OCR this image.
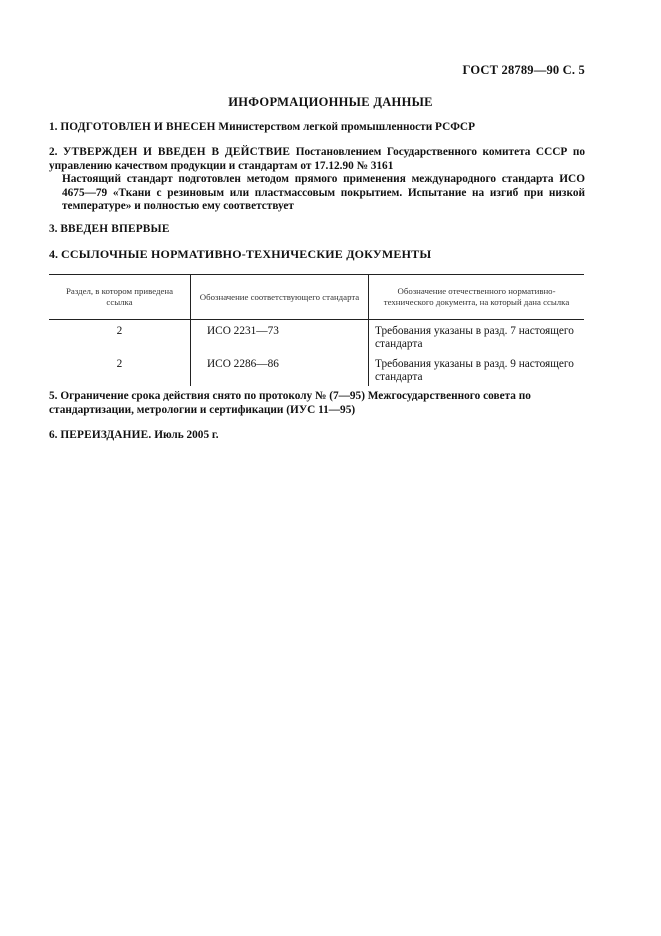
ГОСТ 28789—90 С. 5
ИНФОРМАЦИОННЫЕ ДАННЫЕ
1. ПОДГОТОВЛЕН И ВНЕСЕН Министерством легкой промышленности РСФСР
2. УТВЕРЖДЕН И ВВЕДЕН В ДЕЙСТВИЕ Постановлением Государственного комитета СССР по управлению качеством продукции и стандартам от 17.12.90 № 3161
Настоящий стандарт подготовлен методом прямого применения международного стандарта ИСО 4675—79 «Ткани с резиновым или пластмассовым покрытием. Испытание на изгиб при низкой температуре» и полностью ему соответствует
3. ВВЕДЕН ВПЕРВЫЕ
4. ССЫЛОЧНЫЕ НОРМАТИВНО-ТЕХНИЧЕСКИЕ ДОКУМЕНТЫ
Раздел, в котором приведена ссылка	Обозначение соответствующего стандарта	Обозначение отечественного нормативно-технического документа, на который дана ссылка
2	ИСО 2231—73	Требования указаны в разд. 7 настоящего стандарта
2	ИСО 2286—86	Требования указаны в разд. 9 настоящего стандарта
5. Ограничение срока действия снято по протоколу № (7—95) Межгосударственного совета по стандартизации, метрологии и сертификации (ИУС 11—95)
6. ПЕРЕИЗДАНИЕ. Июль 2005 г.
